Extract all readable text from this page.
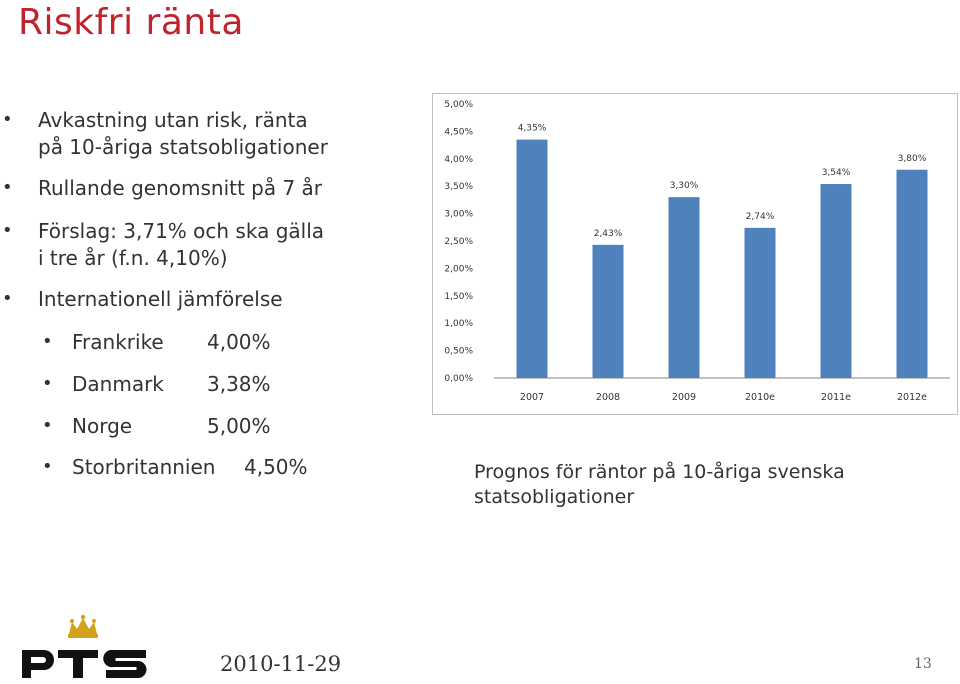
Riskfri ränta
• Avkastning utan risk, ränta
på 10-åriga statsobligationer
• Rullande genomsnitt på 7 år
• Förslag: 3,71% och ska gälla
i tre år (f.n. 4,10%)
• Internationell jämförelse
• Frankrike 4,00%
• Danmark 3,38%
• Norge	5,00%
• Storbritannien 4,50%
0,00%
0,50%
1,00%
1,50%
2,00%
2,50%
3,00%
3,50%
4,00%
4,50%
5,00%
4,35%
2,43%
3,30%
2,74%
3,54%
3,80%
2007	2008	2009	2010e	2011e	2012e
Prognos för räntor på 10-åriga svenska
statsobligationer
2010-11-29	13
